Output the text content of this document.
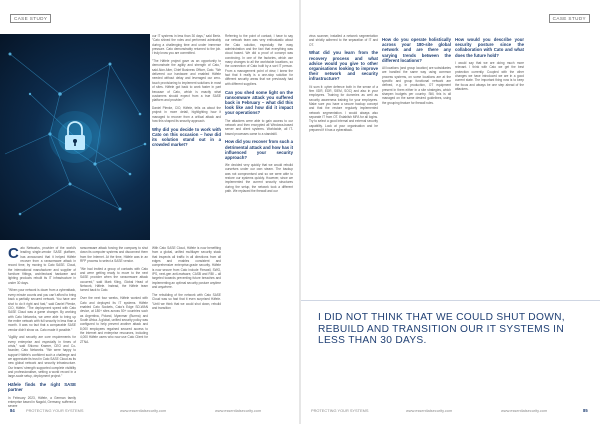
CASE STUDY

our IT systems in less than 30 days," said Bertz. "Cato shined the roles and performed admirably during a challenging time and under immense pressure. Cato demonstrably returned to the job. I truly know you are committed.

"The Häfele project gave us an opportunity to demonstrate the agility and strength of Cato," said Alon Alter, Chief Business Officer, Cato. "We delivered our hardware and enabled Häfele needed without delay and leveraged our zero-touch provisioning to implement solutions in most of sites. Häfele got back to work faster in part because of Cato, which is exactly what customers should expect from a true SASE platform and provider."

Daniel Plenke, CIO, Häfele, tells us about the project in more detail, highlighting how it managed to recover from a critical attack and how this shaped its security approach.

Why did you decide to work with Cato on this occasion – how did its solution stand out in a crowded market?

Referring to the point of contact, I have to say our network team was very enthusiastic about the Cato solution, especially the easy administration and the fact that everything was cloud based. We did a proof of concept was convincing. In one of the factories, which use many changes to all the worldwide locations, so the connection of Cato built by a sort IT person. From a management point of view, I knew the fact that it really is a one-stop solution for different security areas that we previously had with different suppliers.

Can you shed some light on the ransomware attack you suffered back in February – what did this look like and how did it impact your operations?

The attackers were able to gain access to our network and then encrypted all Windows-based server and client systems. Worldwide, all IT-based processes came to a standstill.

How did you recover from such a detrimental attack and how has it influenced your security approach?

We decided very quickly that we would rebuild ourselves under our own steam. The backup was not compromised and so we were able to restore our systems quickly. However, since we implemented the current security structures during the setup, the network took a different path. We replaced the firewall and our

Cato Networks, provider of the world's leading single-vendor SASE platform, has announced that it helped Häfele recover from a ransomware attack in record time, by moving to Cato SASE. Cloud, the international manufacturer and supplier of furniture fittings, architectural hardware and lighting products rebuilt its IT infrastructure in under 30 days.

"When your network is down from a cyberattack, every minute counts and you can't afford to bring back a partially secured network. You have one shot to do it right and fast," said Daniel Plenke, CIO, Häfele. "The deployment speed with Cato SASE Cloud was a game changer. By working with Cato Networks, we were able to bring up the entire network with full security in less than a month. It was no fact that a comparable SASE vendor didn't show us. Cato made it possible."

"Agility and security are core requirements for every enterprise and especially in times of crisis," said Shlomo Kramer, CEO and Co-founder, Cato Networks. "We were happy to support Häfele's confident such a challenge and we appreciate its trust in Cato SASE Cloud as its new global network and security infrastructure. Our teams' strength supported complete visibility and professionalism, setting a world record in a large-scale setup, deployment project."

Häfele finds the right SASE partner

In February 2023, Häfele, a German family enterprise based in Nagold, Germany, suffered a severe

ransomware attack forcing the company to shut down its computer systems and disconnect them from the Internet. At the time, Häfele was in an RFP process to select a SASE vendor.

"We had invited a group of contacts with Cato and were getting ready to move to the next SASE provider when the ransomware attack occurred," said Mark Kling, Global Head of Network, Häfele. Instead, the Häfele team turned back to Cato.

Over the next four weeks, Häfele worked with Cato and deployed its IT systems. Häfele enabled Cato Sockets, Cato's Edge SD-WAN device, at 180+ sites across 50+ countries such as Argentina, Poland, Myanmar (Burma) and South Africa. A global, unified security policy was configured to help prevent another attack and 8,000 employees regained secured access to the Internet and enterprise resources, including 4,000 Häfele users who now use Cato Client for ZTNA.

With Cato SASE Cloud, Häfele is now benefiting from a global, unified multilayer security stack that inspects all traffic in all directions from all edges and enables consistent and comprehensive enterprise-grade security. Häfele is now secure from Cato include Firewall, SWG, IPS, next-gen anti-malware, CASB and RBI – all targeted towards preventing future breaches and implementing an optimal security posture anytime and anywhere.

The rebuilding of the network with Cato SASE Cloud was so fast that it even surprised Häfele. "Until we think that we could shut down, rebuild and transition

84	PROTECTING YOUR SYSTEMS	www.essentialsecurity.com	www.essentialsecurity.com
CASE STUDY

virus scanner, installed a network segmentation and strictly adhered to the separation of IT and OT.

What did you learn from the recovery process and what advice would you give to other organisations looking to improve their network and security infrastructure?

I'd sum it: cyber defence both in the sense of a firm XDR, EDR, SIEM, SOC) and also in your employees. Training for dummies as well as security awareness training for your employees. Make sure you have a secure backup concept and that the restore regularly implemented network segmentation. I would always also separate IT from OT. Establish MFA for all logins. Try to select a good internal and external security capability. Look at your organisation and be prepared if it has a cyberattack.

How do you operate holistically across your 180-site global network and are there any varying trends between the different locations?

All locations (and group location) are subsidiaries are handled the same way using common process systems, on some locations are at the specific and group functional network are defined, e.g. in production, OT equipment present in them either in a site strategies, which sharpen budgets per country. Still, this is all managed on the same desired guidelines, using the grouping feature for firewall rules.

How would you describe your security posture since the collaboration with Cato and what does the future hold?

I would say that we are doing much more relevant. I think with Cato we get the best protection currently. Coupled with the other changes we have introduced we are in a good current state. The important thing now is to keep the focus and always be one step ahead of the attackers.

PROTECTING YOUR SYSTEMS	www.essentialsecurity.com	www.essentialsecurity.com	85
I DID NOT THINK THAT WE COULD SHUT DOWN, REBUILD AND TRANSITION OUR IT SYSTEMS IN LESS THAN 30 DAYS.
